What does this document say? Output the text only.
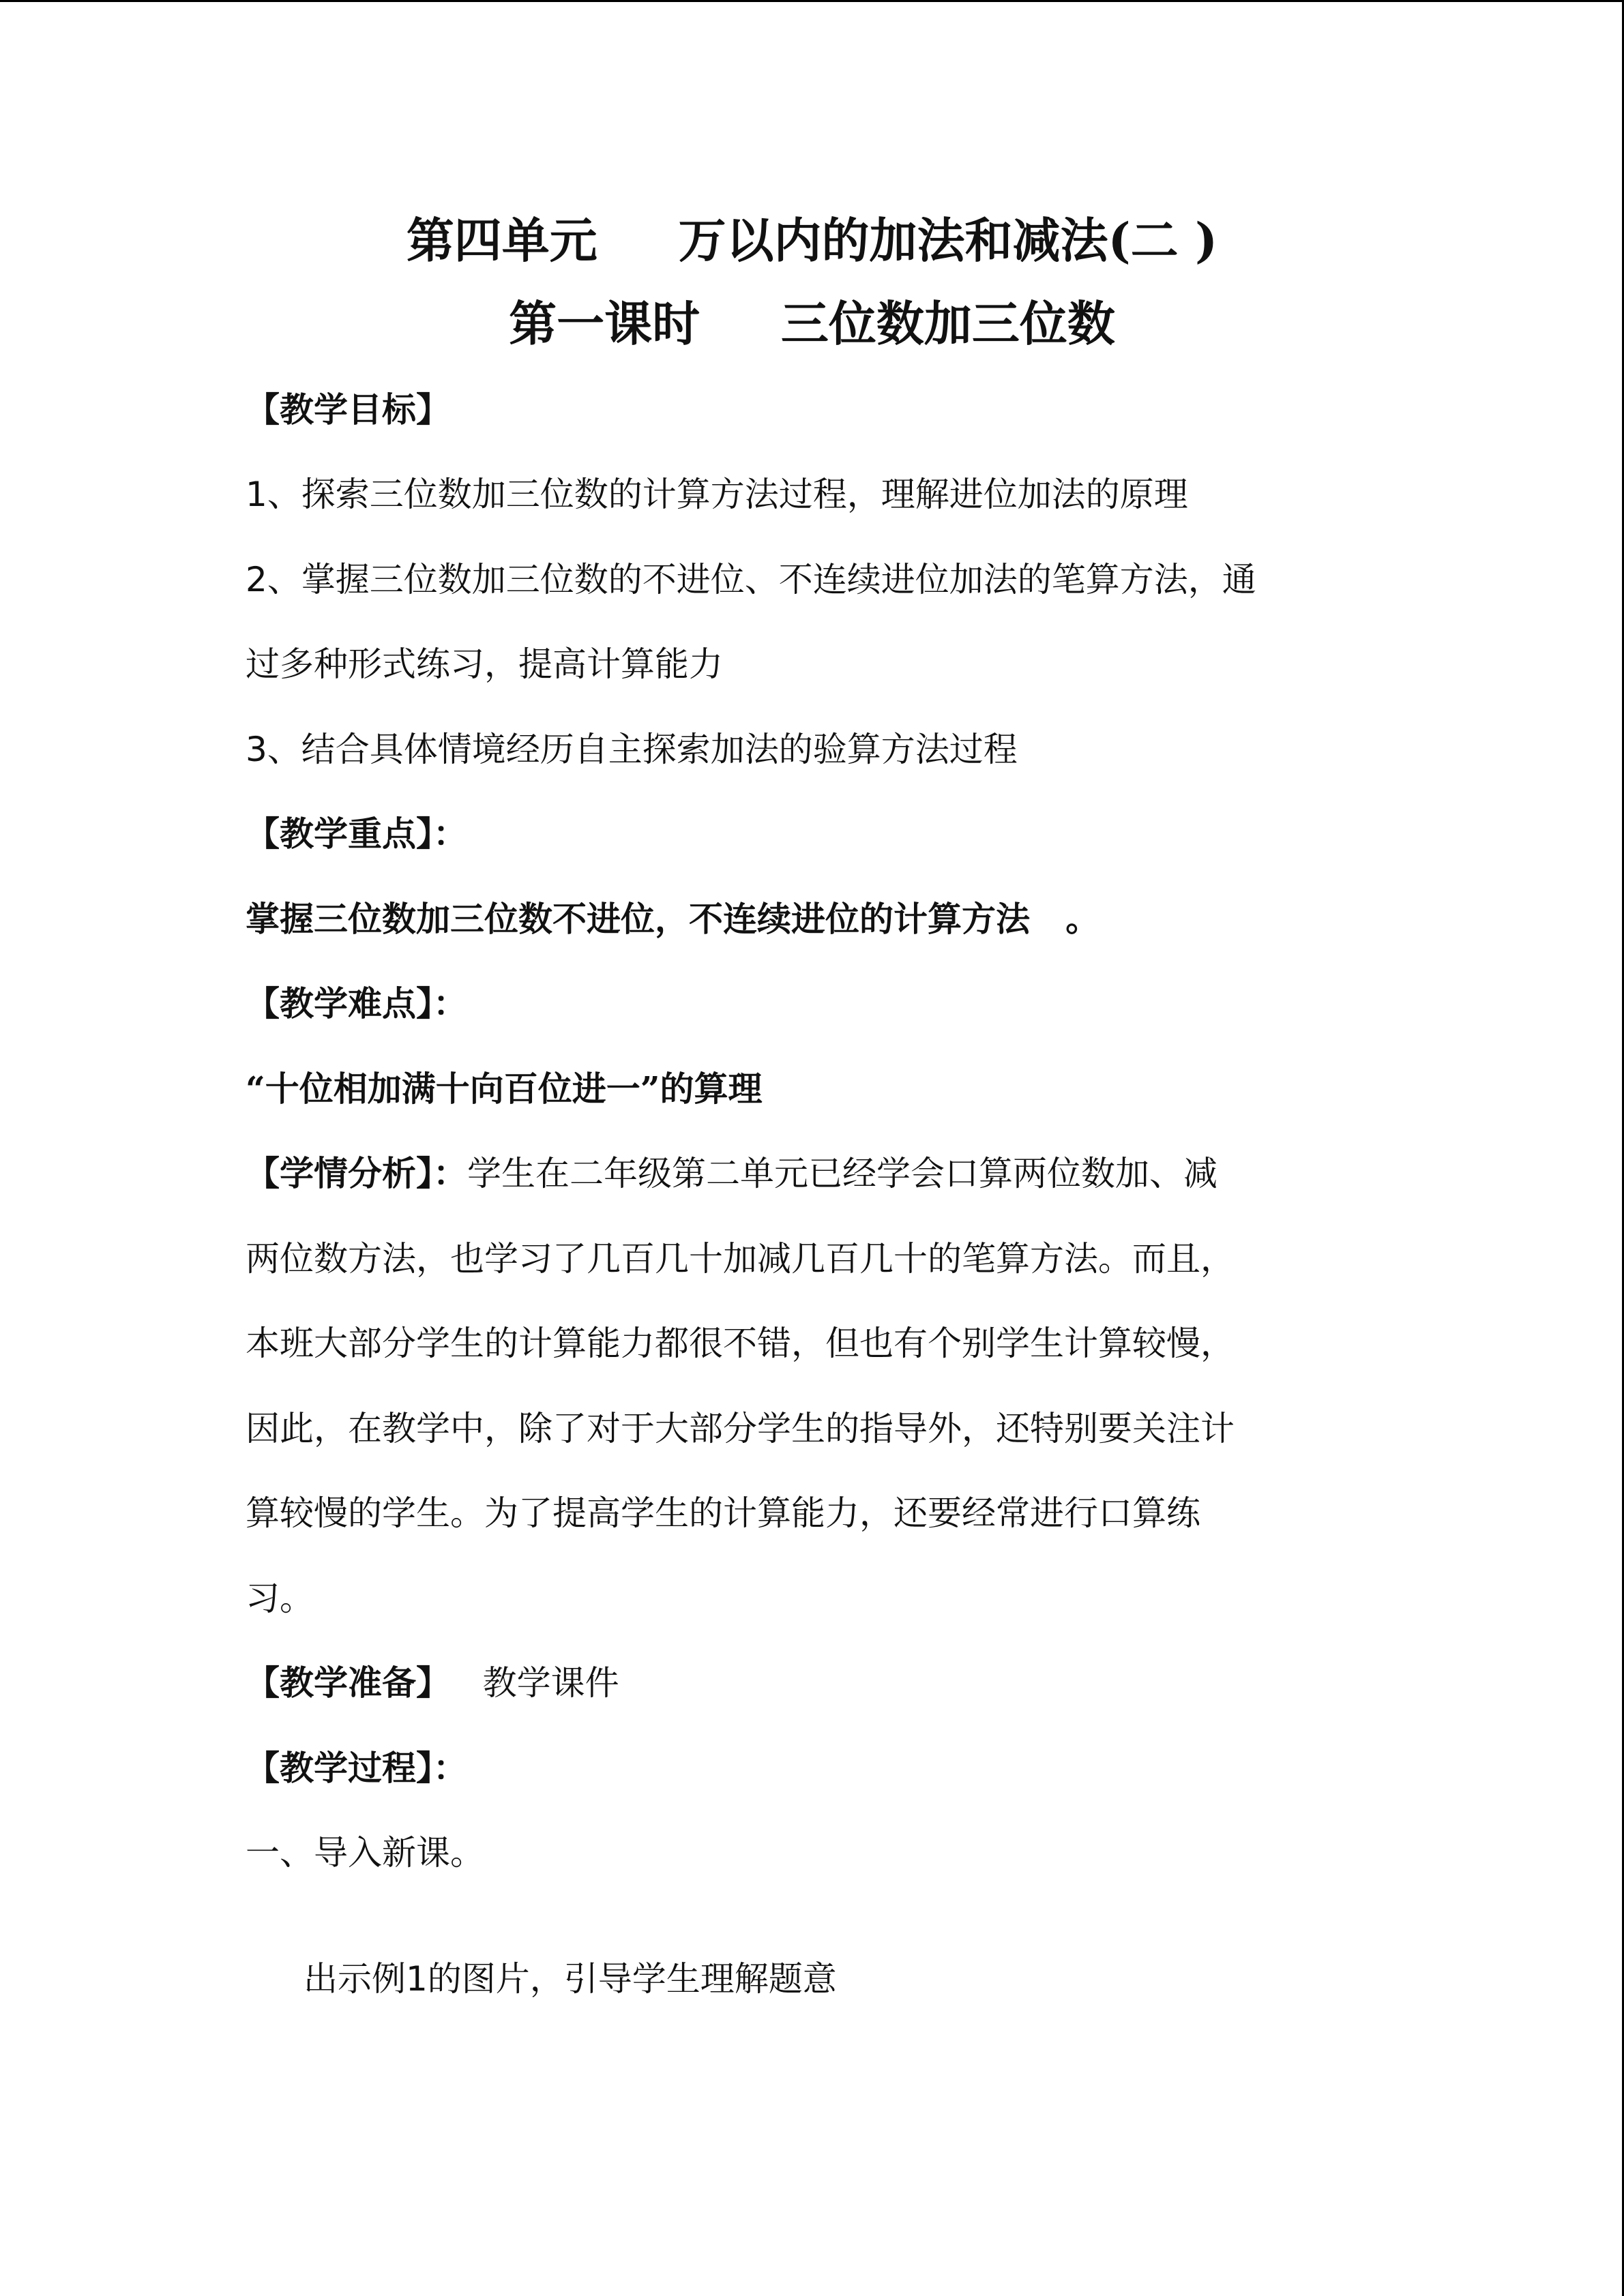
第四单元　  万以内的加法和减法(二 )
第一课时　  三位数加三位数
【教学目标】
1、探索三位数加三位数的计算方法过程，理解进位加法的原理
2、掌握三位数加三位数的不进位、不连续进位加法的笔算方法，通
过多种形式练习，提高计算能力
3、结合具体情境经历自主探索加法的验算方法过程
【教学重点】：
掌握三位数加三位数不进位，不连续进位的计算方法   。
【教学难点】：
“十位相加满十向百位进一”的算理
【学情分析】：学生在二年级第二单元已经学会口算两位数加、减
两位数方法，也学习了几百几十加减几百几十的笔算方法。而且，
本班大部分学生的计算能力都很不错，但也有个别学生计算较慢，
因此，在教学中，除了对于大部分学生的指导外，还特别要关注计
算较慢的学生。为了提高学生的计算能力，还要经常进行口算练
习。
【教学准备】   教学课件
【教学过程】：
一、导入新课。
出示例1的图片，引导学生理解题意
